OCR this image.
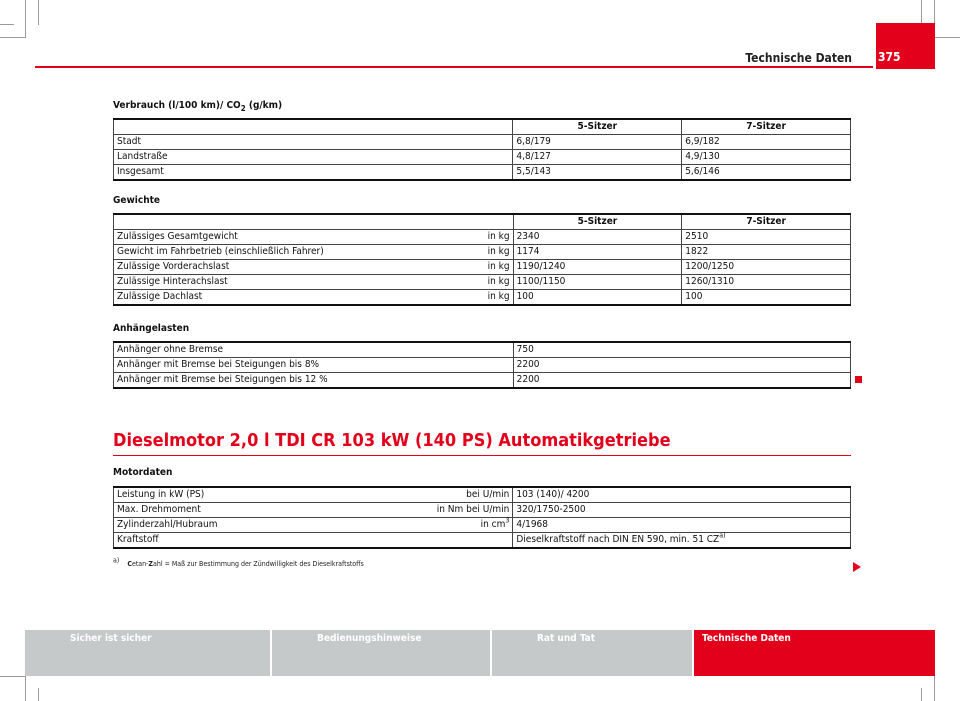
Technische Daten 375
Verbrauch (l/100 km)/ $CO_2$ (g/km)
	5-Sitzer	7-Sitzer
Stadt	6,8/179	6,9/182
Landstraße	4,8/127	4,9/130
Insgesamt	5,5/143	5,6/146
Gewichte
		5-Sitzer	7-Sitzer
Zulässiges Gesamtgewicht	in kg	2340	2510
Gewicht im Fahrbetrieb (einschließlich Fahrer)	in kg	1174	1822
Zulässige Vorderachslast	in kg	1190/1240	1200/1250
Zulässige Hinterachslast	in kg	1100/1150	1260/1310
Zulässige Dachlast	in kg	100	100
Anhängelasten
Anhänger ohne Bremse	750
Anhänger mit Bremse bei Steigungen bis 8%	2200
Anhänger mit Bremse bei Steigungen bis 12 %	2200
Dieselmotor 2,0 l TDI CR 103 kW (140 PS) Automatikgetriebe
Motordaten
Leistung in kW (PS)	bei U/min	103 (140)/ 4200
Max. Drehmoment	in Nm bei U/min	320/1750-2500
Zylinderzahl/Hubraum	in $cm^3$	4/1968
Kraftstoff		Dieselkraftstoff nach DIN EN 590, min. 51 CZ$^{a)}$
$^{a)}$ Cetan-Zahl = Maß zur Bestimmung der Zündwilligkeit des Dieselkraftstoffs
Sicher ist sicher	Bedienungshinweise	Rat und Tat	Technische Daten
